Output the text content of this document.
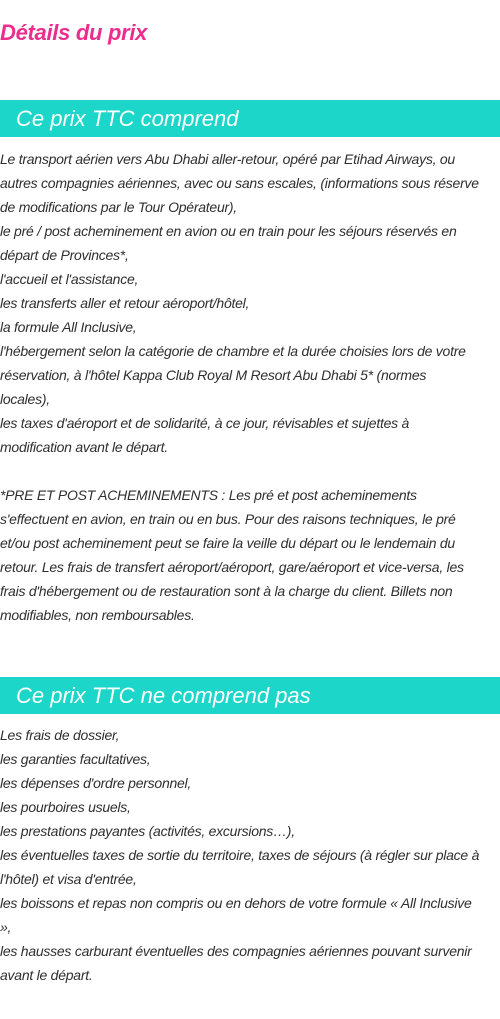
Détails du prix
Ce prix TTC comprend
Le transport aérien vers Abu Dhabi aller-retour, opéré par Etihad Airways, ou
autres compagnies aériennes, avec ou sans escales, (informations sous réserve
de modifications par le Tour Opérateur),
le pré / post acheminement en avion ou en train pour les séjours réservés en
départ de Provinces*,
l'accueil et l'assistance,
les transferts aller et retour aéroport/hôtel,
la formule All Inclusive,
l'hébergement selon la catégorie de chambre et la durée choisies lors de votre
réservation, à l'hôtel Kappa Club Royal M Resort Abu Dhabi 5* (normes
locales),
les taxes d'aéroport et de solidarité, à ce jour, révisables et sujettes à
modification avant le départ.
*PRE ET POST ACHEMINEMENTS : Les pré et post acheminements
s'effectuent en avion, en train ou en bus. Pour des raisons techniques, le pré
et/ou post acheminement peut se faire la veille du départ ou le lendemain du
retour. Les frais de transfert aéroport/aéroport, gare/aéroport et vice-versa, les
frais d'hébergement ou de restauration sont à la charge du client. Billets non
modifiables, non remboursables.
Ce prix TTC ne comprend pas
Les frais de dossier,
les garanties facultatives,
les dépenses d'ordre personnel,
les pourboires usuels,
les prestations payantes (activités, excursions…),
les éventuelles taxes de sortie du territoire, taxes de séjours (à régler sur place à
l'hôtel) et visa d'entrée,
les boissons et repas non compris ou en dehors de votre formule « All Inclusive
»,
les hausses carburant éventuelles des compagnies aériennes pouvant survenir
avant le départ.
